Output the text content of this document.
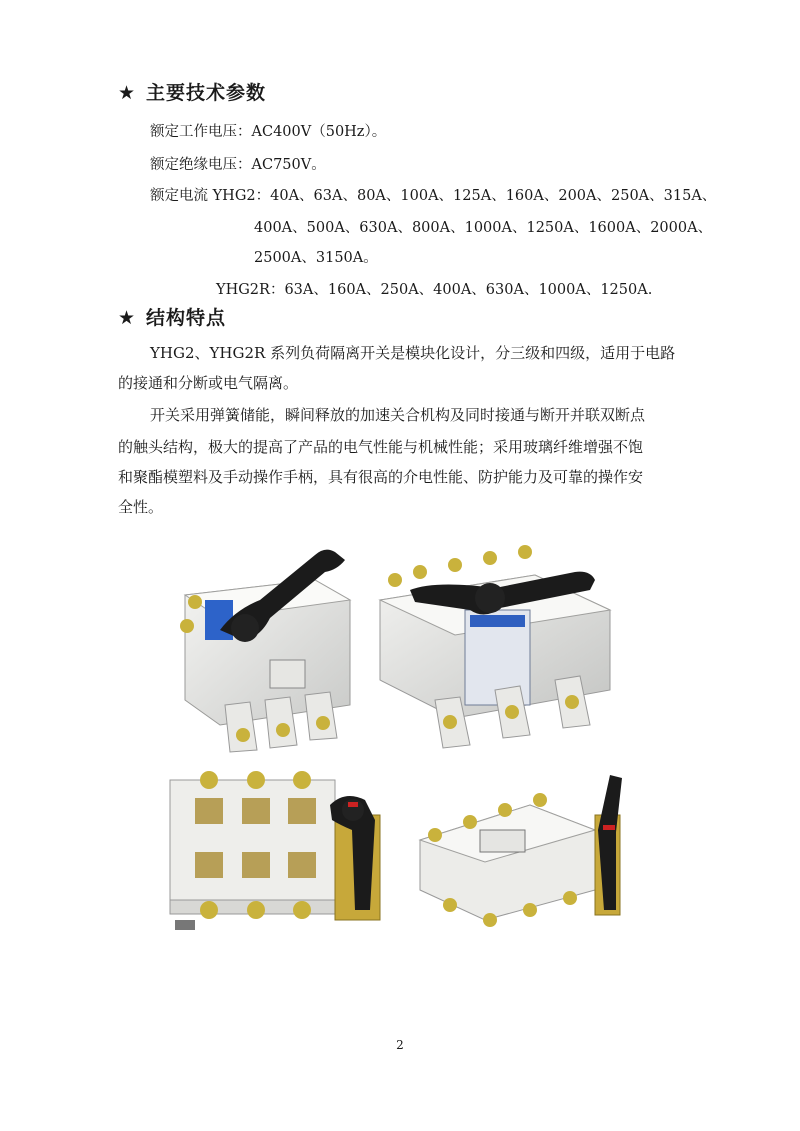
★ 主要技术参数
额定工作电压：AC400V（50Hz）。
额定绝缘电压：AC750V。
额定电流 YHG2：40A、63A、80A、100A、125A、160A、200A、250A、315A、
400A、500A、630A、800A、1000A、1250A、1600A、2000A、
2500A、3150A。
YHG2R：63A、160A、250A、400A、630A、1000A、1250A.
★ 结构特点
YHG2、YHG2R 系列负荷隔离开关是模块化设计，分三级和四级，适用于电路
的接通和分断或电气隔离。
开关采用弹簧储能，瞬间释放的加速关合机构及同时接通与断开并联双断点
的触头结构，极大的提高了产品的电气性能与机械性能；采用玻璃纤维增强不饱
和聚酯模塑料及手动操作手柄，具有很高的介电性能、防护能力及可靠的操作安
全性。
2
